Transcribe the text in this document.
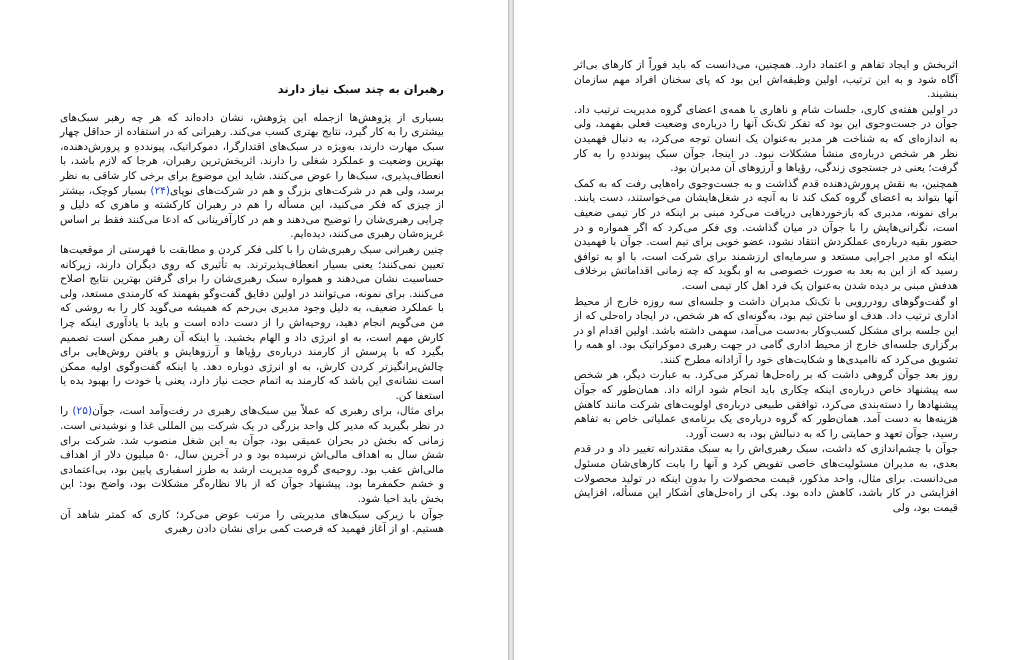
رهبران به چند سبک نیاز دارند

بسیاری از پژوهش‌ها ازجمله این پژوهش، نشان داده‌اند که هر چه رهبر سبک‌های بیشتری را به کار گیرد، نتایج بهتری کسب می‌کند. رهبرانی که در استفاده از حداقل چهار سبک مهارت دارند، به‌ویژه در سبک‌های اقتدارگرا، دموکراتیک، پیونددهِ و پرورش‌دهنده، بهترین وضعیت و عملکرد شغلی را دارند. اثربخش‌ترین رهبران، هرجا که لازم باشد، با انعطاف‌پذیری، سبک‌ها را عوض می‌کنند. شاید این موضوع برای برخی کار شاقی به نظر برسد، ولی هم در شرکت‌های بزرگ و هم در شرکت‌های نوپای(۲۴) بسیار کوچک، بیشتر از چیزی که فکر می‌کنید، این مسأله را هم در رهبران کارکشته و ماهری که دلیل و چرایی رهبری‌شان را توضیح می‌دهند و هم در کارآفرینانی که ادعا می‌کنند فقط بر اساس غریزه‌شان رهبری می‌کنند، دیده‌ایم.

چنین رهبرانی سبک رهبری‌شان را با کلی فکر کردن و مطابقت با فهرستی از موقعیت‌ها تعیین نمی‌کنند؛ یعنی بسیار انعطاف‌پذیرترند. به تأثیری که روی دیگران دارند، زیرکانه حساسیت نشان می‌دهند و همواره سبک رهبری‌شان را برای گرفتن بهترین نتایج اصلاح می‌کنند. برای نمونه، می‌توانند در اولین دقایق گفت‌وگو بفهمند که کارمندی مستعد، ولی با عملکرد ضعیف، به دلیل وجود مدیری بی‌رحم که همیشه می‌گوید کار را به روشی که من می‌گویم انجام دهید، روحیه‌اش را از دست داده است و باید با یادآوری اینکه چرا کارش مهم است، به او انرژی داد و الهام بخشید. یا اینکه آن رهبر ممکن است تصمیم بگیرد که با پرسش از کارمند درباره‌ی رؤیاها و آرزوهایش و یافتن روش‌هایی برای چالش‌برانگیزتر کردن کارش، به او انرژی دوباره دهد. یا اینکه گفت‌وگوی اولیه ممکن است نشانه‌ی این باشد که کارمند به اتمام حجت نیاز دارد، یعنی یا خودت را بهبود بده یا استعفا کن.

برای مثال، برای رهبری که عملاً بین سبک‌های رهبری در رفت‌وآمد است، جوآن(۲۵) را در نظر بگیرید که مدیر کل واحد بزرگی در یک شرکت بین المللی غذا و نوشیدنی است. زمانی که بخش در بحران عمیقی بود، جوآن به این شغل منصوب شد. شرکت برای شش سال به اهداف مالی‌اش نرسیده بود و در آخرین سال، ۵۰ میلیون دلار از اهداف مالی‌اش عقب بود. روحیه‌ی گروه مدیریت ارشد به طرز اسفباری پایین بود، بی‌اعتمادی و خشم حکمفرما بود. پیشنهاد جوآن که از بالا نظاره‌گر مشکلات بود، واضح بود: این بخش باید احیا شود.

جوآن با زیرکی سبک‌های مدیریتی را مرتب عوض می‌کرد؛ کاری که کمتر شاهد آن هستیم. او از آغاز فهمید که فرصت کمی برای نشان دادن رهبری

اثربخش و ایجاد تفاهم و اعتماد دارد. همچنین، می‌دانست که باید فوراً از کارهای بی‌اثر آگاه شود و به این ترتیب، اولین وظیفه‌اش این بود که پای سخنان افراد مهم سازمان بنشیند.

در اولین هفته‌ی کاری، جلسات شام و ناهاری با همه‌ی اعضای گروه مدیریت ترتیب داد. جوآن در جست‌وجوی این بود که تفکر تک‌تک آنها را درباره‌ی وضعیت فعلی بفهمد، ولی به اندازه‌ای که به شناخت هر مدیر به‌عنوان یک انسان توجه می‌کرد، به دنبال فهمیدن نظر هر شخص درباره‌ی منشأ مشکلات نبود. در اینجا، جوآن سبک پیونددهِ را به کار گرفت؛ یعنی در جستجوی زندگی، رؤیاها و آرزوهای آن مدیران بود.

همچنین، به نقش پرورش‌دهنده قدم گذاشت و به جست‌وجوی راه‌هایی رفت که به کمک آنها بتواند به اعضای گروه کمک کند تا به آنچه در شغل‌هایشان می‌خواستند، دست یابند. برای نمونه، مدیری که بازخوردهایی دریافت می‌کرد مبنی بر اینکه در کار تیمی ضعیف است، نگرانی‌هایش را با جوآن در میان گذاشت. وی فکر می‌کرد که اگر همواره و در حضور بقیه درباره‌ی عملکردش انتقاد نشود، عضو خوبی برای تیم است. جوآن با فهمیدن اینکه او مدیر اجرایی مستعد و سرمایه‌ای ارزشمند برای شرکت است، با او به توافق رسید که از این به بعد به صورت خصوصی به او بگوید که چه زمانی اقداماتش برخلاف هدفش مبنی بر دیده شدن به‌عنوان یک فرد اهل کار تیمی است.

او گفت‌وگوهای رودررویی با تک‌تک مدیران داشت و جلسه‌ای سه روزه خارج از محیط اداری ترتیب داد. هدف او ساختن تیم بود، به‌گونه‌ای که هر شخص، در ایجاد راه‌حلی که از این جلسه برای مشکل کسب‌وکار به‌دست می‌آمد، سهمی داشته باشد. اولین اقدام او در برگزاری جلسه‌ای خارج از محیط اداری گامی در جهت رهبری دموکراتیک بود. او همه را تشویق می‌کرد که ناامیدی‌ها و شکایت‌های خود را آزادانه مطرح کنند.

روز بعد جوآن گروهی داشت که بر راه‌حل‌ها تمرکز می‌کرد. به عبارت دیگر، هر شخص سه پیشنهاد خاص درباره‌ی اینکه چکاری باید انجام شود ارائه داد. همان‌طور که جوآن پیشنهادها را دسته‌بندی می‌کرد، توافقی طبیعی درباره‌ی اولویت‌های شرکت مانند کاهش هزینه‌ها به دست آمد. همان‌طور که گروه درباره‌ی یک برنامه‌ی عملیاتی خاص به تفاهم رسید، جوآن تعهد و حمایتی را که به دنبالش بود، به دست آورد.

جوآن با چشم‌اندازی که داشت، سبک رهبری‌اش را به سبک مقتدرانه تغییر داد و در قدم بعدی، به مدیران مسئولیت‌های خاصی تفویض کرد و آنها را بابت کارهای‌شان مسئول می‌دانست. برای مثال، واحد مذکور، قیمت محصولات را بدون اینکه در تولید محصولات افزایشی در کار باشد، کاهش داده بود. یکی از راه‌حل‌های آشکار این مسأله، افزایش قیمت بود، ولی
